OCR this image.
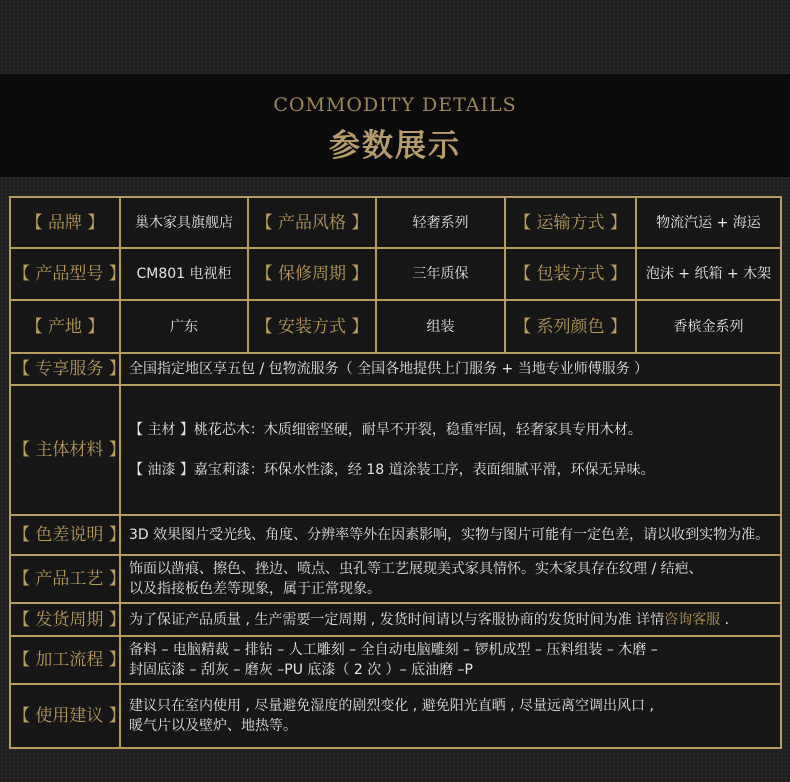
COMMODITY DETAILS
参数展示
【 品牌 】	巢木家具旗舰店	【 产品风格 】	轻奢系列	【 运输方式 】	物流汽运 + 海运
【 产品型号 】	CM801 电视柜	【 保修周期 】	三年质保	【 包装方式 】	泡沫 + 纸箱 + 木架
【 产地 】	广东	【 安装方式 】	组装	【 系列颜色 】	香槟金系列
【 专享服务 】	全国指定地区享五包 / 包物流服务（ 全国各地提供上门服务 + 当地专业师傅服务 ）				
【 主体材料 】	【 主材 】桃花芯木：木质细密坚硬，耐旱不开裂，稳重牢固，轻奢家具专用木材。

【 油漆 】嘉宝莉漆：环保水性漆，经 18 道涂装工序，表面细腻平滑，环保无异味。				

【 色差说明 】	3D 效果图片受光线、角度、分辨率等外在因素影响，实物与图片可能有一定色差，请以收到实物为准。				
【 产品工艺 】	饰面以凿痕、擦色、挫边、喷点、虫孔等工艺展现美式家具情怀。实木家具存在纹理 / 结疤、
以及指接板色差等现象，属于正常现象。				

【 发货周期 】	为了保证产品质量 , 生产需要一定周期 , 发货时间请以与客服协商的发货时间为准 详情咨询客服 .				
【 加工流程 】	备料 – 电脑精裁 – 排钻 – 人工雕刻 – 全自动电脑雕刻 – 锣机成型 – 压料组装 – 木磨 –
封固底漆 – 刮灰 – 磨灰 –PU 底漆（ 2 次 ）– 底油磨 –P				

【 使用建议 】	建议只在室内使用 , 尽量避免湿度的剧烈变化 , 避免阳光直晒 , 尽量远离空调出风口 ,
暖气片以及壁炉、地热等。				
